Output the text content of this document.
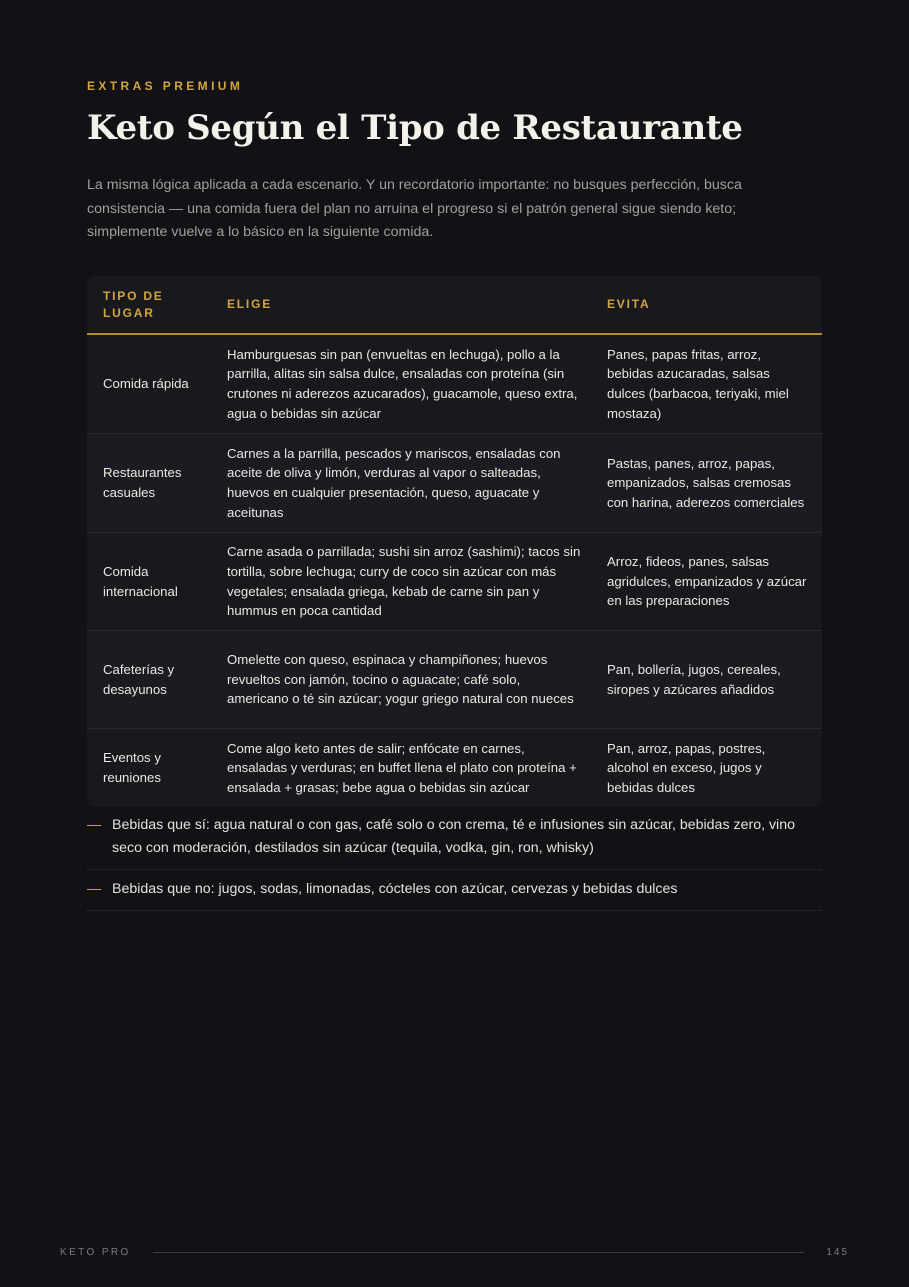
EXTRAS PREMIUM
Keto Según el Tipo de Restaurante

La misma lógica aplicada a cada escenario. Y un recordatorio importante: no busques perfección, busca consistencia — una comida fuera del plan no arruina el progreso si el patrón general sigue siendo keto; simplemente vuelve a lo básico en la siguiente comida.

TIPO DE LUGAR
ELIGE	EVITA
Comida rápida
Hamburguesas sin pan (envueltas en lechuga), pollo a la parrilla, alitas sin salsa dulce, ensaladas con proteína (sin crutones ni aderezos azucarados), guacamole, queso extra, agua o bebidas sin azúcar
Panes, papas fritas, arroz, bebidas azucaradas, salsas dulces (barbacoa, teriyaki, miel mostaza)
Restaurantes casuales
Carnes a la parrilla, pescados y mariscos, ensaladas con aceite de oliva y limón, verduras al vapor o salteadas, huevos en cualquier presentación, queso, aguacate y aceitunas
Pastas, panes, arroz, papas, empanizados, salsas cremosas con harina, aderezos comerciales
Comida internacional
Carne asada o parrillada; sushi sin arroz (sashimi); tacos sin tortilla, sobre lechuga; curry de coco sin azúcar con más vegetales; ensalada griega, kebab de carne sin pan y hummus en poca cantidad
Arroz, fideos, panes, salsas agridulces, empanizados y azúcar en las preparaciones
Cafeterías y desayunos
Omelette con queso, espinaca y champiñones; huevos revueltos con jamón, tocino o aguacate; café solo, americano o té sin azúcar; yogur griego natural con nueces
Pan, bollería, jugos, cereales, siropes y azúcares añadidos
Eventos y reuniones
Come algo keto antes de salir; enfócate en carnes, ensaladas y verduras; en buffet llena el plato con proteína + ensalada + grasas; bebe agua o bebidas sin azúcar
Pan, arroz, papas, postres, alcohol en exceso, jugos y bebidas dulces
— Bebidas que sí: agua natural o con gas, café solo o con crema, té e infusiones sin azúcar, bebidas zero, vino seco con moderación, destilados sin azúcar (tequila, vodka, gin, ron, whisky)
— Bebidas que no: jugos, sodas, limonadas, cócteles con azúcar, cervezas y bebidas dulces
KETO PRO	145
